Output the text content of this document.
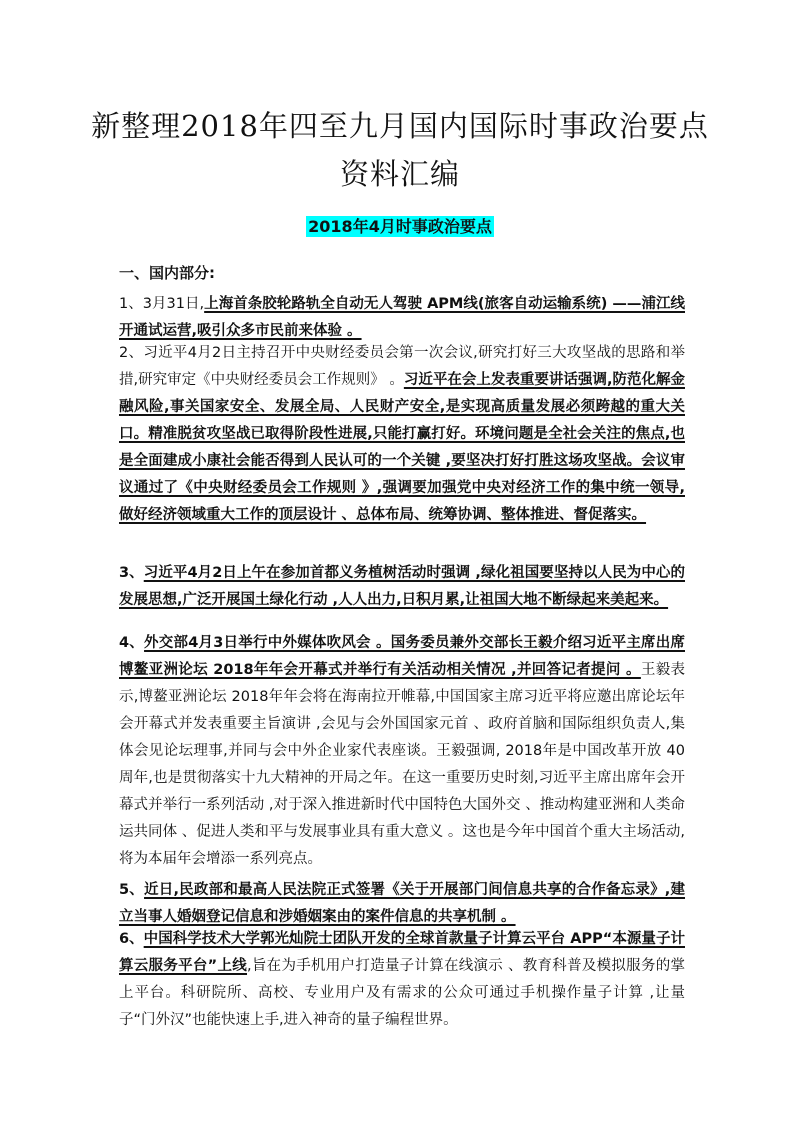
新整理2018年四至九月国内国际时事政治要点
资料汇编
2018年4月时事政治要点
一、国内部分:
1、3月31日,上海首条胶轮路轨全自动无人驾驶 APM线(旅客自动运输系统) ——浦江线开通试运营,吸引众多市民前来体验 。
2、习近平4月2日主持召开中央财经委员会第一次会议,研究打好三大攻坚战的思路和举措,研究审定《中央财经委员会工作规则》 。习近平在会上发表重要讲话强调,防范化解金融风险,事关国家安全、发展全局、人民财产安全,是实现高质量发展必须跨越的重大关口。精准脱贫攻坚战已取得阶段性进展,只能打赢打好。环境问题是全社会关注的焦点,也是全面建成小康社会能否得到人民认可的一个关键 ,要坚决打好打胜这场攻坚战。会议审议通过了《中央财经委员会工作规则 》,强调要加强党中央对经济工作的集中统一领导,做好经济领域重大工作的顶层设计 、总体布局、统筹协调、整体推进、督促落实。
3、习近平4月2日上午在参加首都义务植树活动时强调 ,绿化祖国要坚持以人民为中心的发展思想,广泛开展国土绿化行动 ,人人出力,日积月累,让祖国大地不断绿起来美起来。
4、外交部4月3日举行中外媒体吹风会 。国务委员兼外交部长王毅介绍习近平主席出席博鳌亚洲论坛 2018年年会开幕式并举行有关活动相关情况 ,并回答记者提问 。王毅表示,博鳌亚洲论坛 2018年年会将在海南拉开帷幕,中国国家主席习近平将应邀出席论坛年会开幕式并发表重要主旨演讲 ,会见与会外国国家元首 、政府首脑和国际组织负责人,集体会见论坛理事,并同与会中外企业家代表座谈。王毅强调, 2018年是中国改革开放 40周年,也是贯彻落实十九大精神的开局之年。在这一重要历史时刻,习近平主席出席年会开幕式并举行一系列活动 ,对于深入推进新时代中国特色大国外交 、推动构建亚洲和人类命运共同体 、促进人类和平与发展事业具有重大意义 。这也是今年中国首个重大主场活动,将为本届年会增添一系列亮点。
5、近日,民政部和最高人民法院正式签署《关于开展部门间信息共享的合作备忘录》,建立当事人婚姻登记信息和涉婚姻案由的案件信息的共享机制 。
6、中国科学技术大学郭光灿院士团队开发的全球首款量子计算云平台 APP“本源量子计算云服务平台”上线,旨在为手机用户打造量子计算在线演示 、教育科普及模拟服务的掌上平台。科研院所、高校、专业用户及有需求的公众可通过手机操作量子计算 ,让量子“门外汉”也能快速上手,进入神奇的量子编程世界。
